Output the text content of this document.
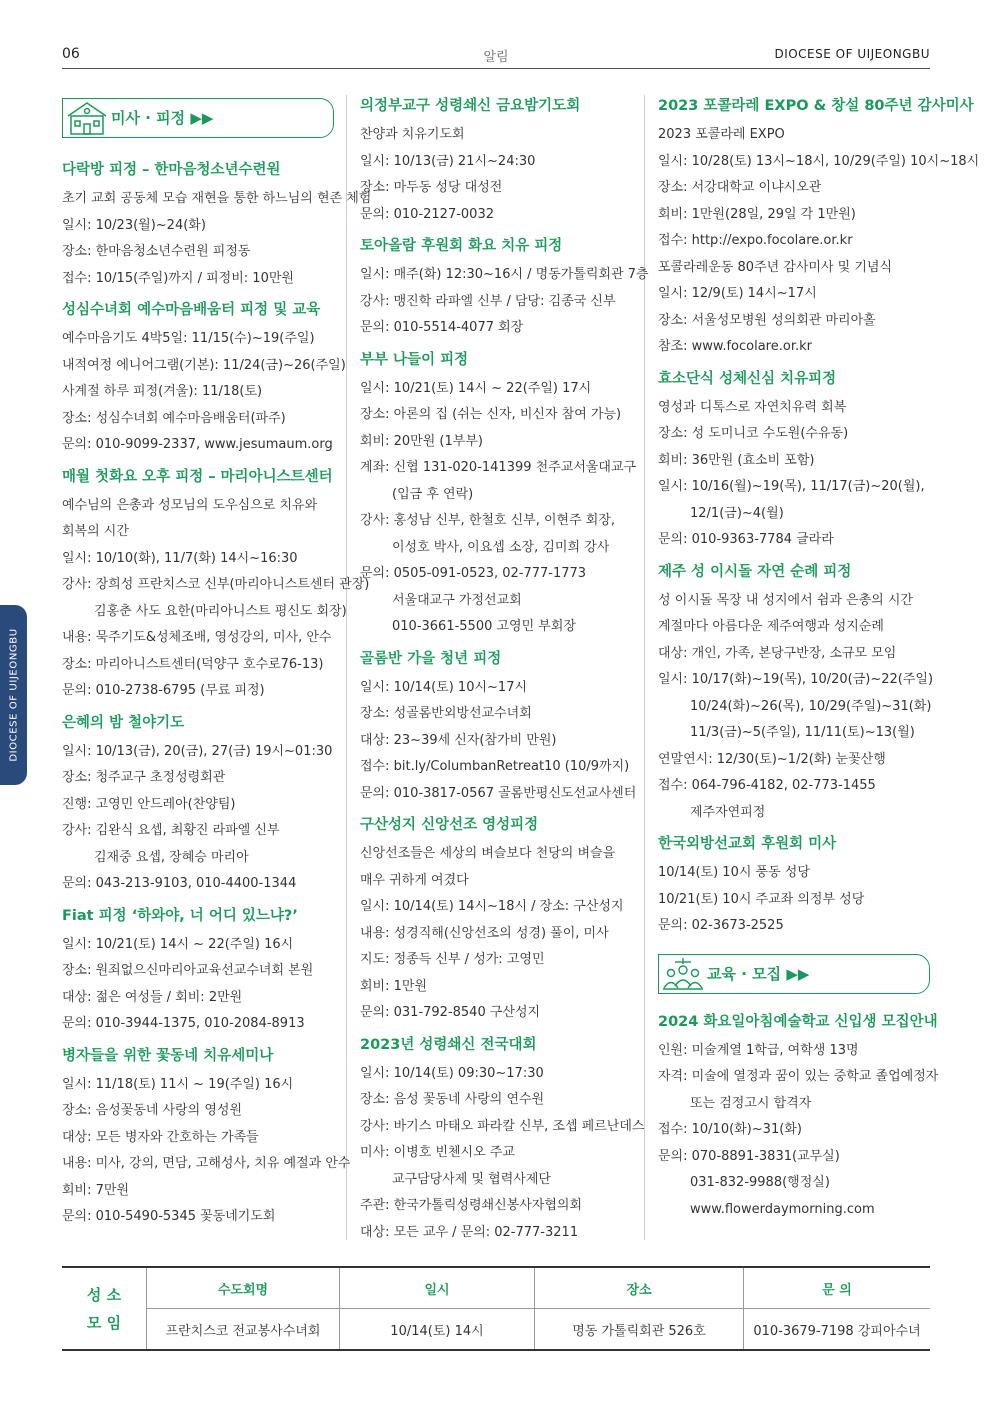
06	알림	DIOCESE OF UIJEONGBU
DIOCESE OF UIJEONGBU
미사 · 피정 ▶▶
다락방 피정 – 한마음청소년수련원
초기 교회 공동체 모습 재현을 통한 하느님의 현존 체험
일시: 10/23(월)~24(화)
장소: 한마음청소년수련원 피정동
접수: 10/15(주일)까지 / 피정비: 10만원
성심수녀회 예수마음배움터 피정 및 교육
예수마음기도 4박5일: 11/15(수)~19(주일)
내적여정 에니어그램(기본): 11/24(금)~26(주일)
사계절 하루 피정(겨울): 11/18(토)
장소: 성심수녀회 예수마음배움터(파주)
문의: 010-9099-2337, www.jesumaum.org
매월 첫화요 오후 피정 – 마리아니스트센터
예수님의 은총과 성모님의 도우심으로 치유와
회복의 시간
일시: 10/10(화), 11/7(화) 14시~16:30
강사: 장희성 프란치스코 신부(마리아니스트센터 관장)
김홍춘 사도 요한(마리아니스트 평신도 회장)
내용: 묵주기도&성체조배, 영성강의, 미사, 안수
장소: 마리아니스트센터(덕양구 호수로76-13)
문의: 010-2738-6795 (무료 피정)
은혜의 밤 철야기도
일시: 10/13(금), 20(금), 27(금) 19시~01:30
장소: 청주교구 초정성령회관
진행: 고영민 안드레아(찬양팀)
강사: 김완식 요셉, 최황진 라파엘 신부
김재중 요셉, 장혜승 마리아
문의: 043-213-9103, 010-4400-1344
Fiat 피정 ‘하와야, 너 어디 있느냐?’
일시: 10/21(토) 14시 ~ 22(주일) 16시
장소: 원죄없으신마리아교육선교수녀회 본원
대상: 젊은 여성들 / 회비: 2만원
문의: 010-3944-1375, 010-2084-8913
병자들을 위한 꽃동네 치유세미나
일시: 11/18(토) 11시 ~ 19(주일) 16시
장소: 음성꽃동네 사랑의 영성원
대상: 모든 병자와 간호하는 가족들
내용: 미사, 강의, 면담, 고해성사, 치유 예절과 안수
회비: 7만원
문의: 010-5490-5345 꽃동네기도회
의정부교구 성령쇄신 금요밤기도회
찬양과 치유기도회
일시: 10/13(금) 21시~24:30
장소: 마두동 성당 대성전
문의: 010-2127-0032
토아올람 후원회 화요 치유 피정
일시: 매주(화) 12:30~16시 / 명동가톨릭회관 7층
강사: 맹진학 라파엘 신부 / 담당: 김종국 신부
문의: 010-5514-4077 회장
부부 나들이 피정
일시: 10/21(토) 14시 ~ 22(주일) 17시
장소: 아론의 집 (쉬는 신자, 비신자 참여 가능)
회비: 20만원 (1부부)
계좌: 신협 131-020-141399 천주교서울대교구
(입금 후 연락)
강사: 홍성남 신부, 한철호 신부, 이현주 회장,
이성호 박사, 이요셉 소장, 김미희 강사
문의: 0505-091-0523, 02-777-1773
서울대교구 가정선교회
010-3661-5500 고영민 부회장
골롬반 가을 청년 피정
일시: 10/14(토) 10시~17시
장소: 성골롬반외방선교수녀회
대상: 23~39세 신자(참가비 만원)
접수: bit.ly/ColumbanRetreat10 (10/9까지)
문의: 010-3817-0567 골롬반평신도선교사센터
구산성지 신앙선조 영성피정
신앙선조들은 세상의 벼슬보다 천당의 벼슬을
매우 귀하게 여겼다
일시: 10/14(토) 14시~18시 / 장소: 구산성지
내용: 성경직해(신앙선조의 성경) 풀이, 미사
지도: 정종득 신부 / 성가: 고영민
회비: 1만원
문의: 031-792-8540 구산성지
2023년 성령쇄신 전국대회
일시: 10/14(토) 09:30~17:30
장소: 음성 꽃동네 사랑의 연수원
강사: 바기스 마태오 파라칼 신부, 조셉 페르난데스
미사: 이병호 빈첸시오 주교
교구담당사제 및 협력사제단
주관: 한국가톨릭성령쇄신봉사자협의회
대상: 모든 교우 / 문의: 02-777-3211
2023 포콜라레 EXPO & 창설 80주년 감사미사
2023 포콜라레 EXPO
일시: 10/28(토) 13시~18시, 10/29(주일) 10시~18시
장소: 서강대학교 이냐시오관
회비: 1만원(28일, 29일 각 1만원)
접수: http://expo.focolare.or.kr
포콜라레운동 80주년 감사미사 및 기념식
일시: 12/9(토) 14시~17시
장소: 서울성모병원 성의회관 마리아홀
참조: www.focolare.or.kr
효소단식 성체신심 치유피정
영성과 디톡스로 자연치유력 회복
장소: 성 도미니코 수도원(수유동)
회비: 36만원 (효소비 포함)
일시: 10/16(월)~19(목), 11/17(금)~20(월),
12/1(금)~4(월)
문의: 010-9363-7784 글라라
제주 성 이시돌 자연 순례 피정
성 이시돌 목장 내 성지에서 쉼과 은총의 시간
계절마다 아름다운 제주여행과 성지순례
대상: 개인, 가족, 본당구반장, 소규모 모임
일시: 10/17(화)~19(목), 10/20(금)~22(주일)
10/24(화)~26(목), 10/29(주일)~31(화)
11/3(금)~5(주일), 11/11(토)~13(월)
연말연시: 12/30(토)~1/2(화) 눈꽃산행
접수: 064-796-4182, 02-773-1455
제주자연피정
한국외방선교회 후원회 미사
10/14(토) 10시 풍동 성당
10/21(토) 10시 주교좌 의정부 성당
문의: 02-3673-2525
교육 · 모집 ▶▶
2024 화요일아침예술학교 신입생 모집안내
인원: 미술계열 1학급, 여학생 13명
자격: 미술에 열정과 꿈이 있는 중학교 졸업예정자
또는 검정고시 합격자
접수: 10/10(화)~31(화)
문의: 070-8891-3831(교무실)
031-832-9988(행정실)
www.flowerdaymorning.com
성 소
모 임	수도회명	일시	장소	문 의
	프란치스코 전교봉사수녀회	10/14(토) 14시	명동 가톨릭회관 526호	010-3679-7198 강피아수녀
